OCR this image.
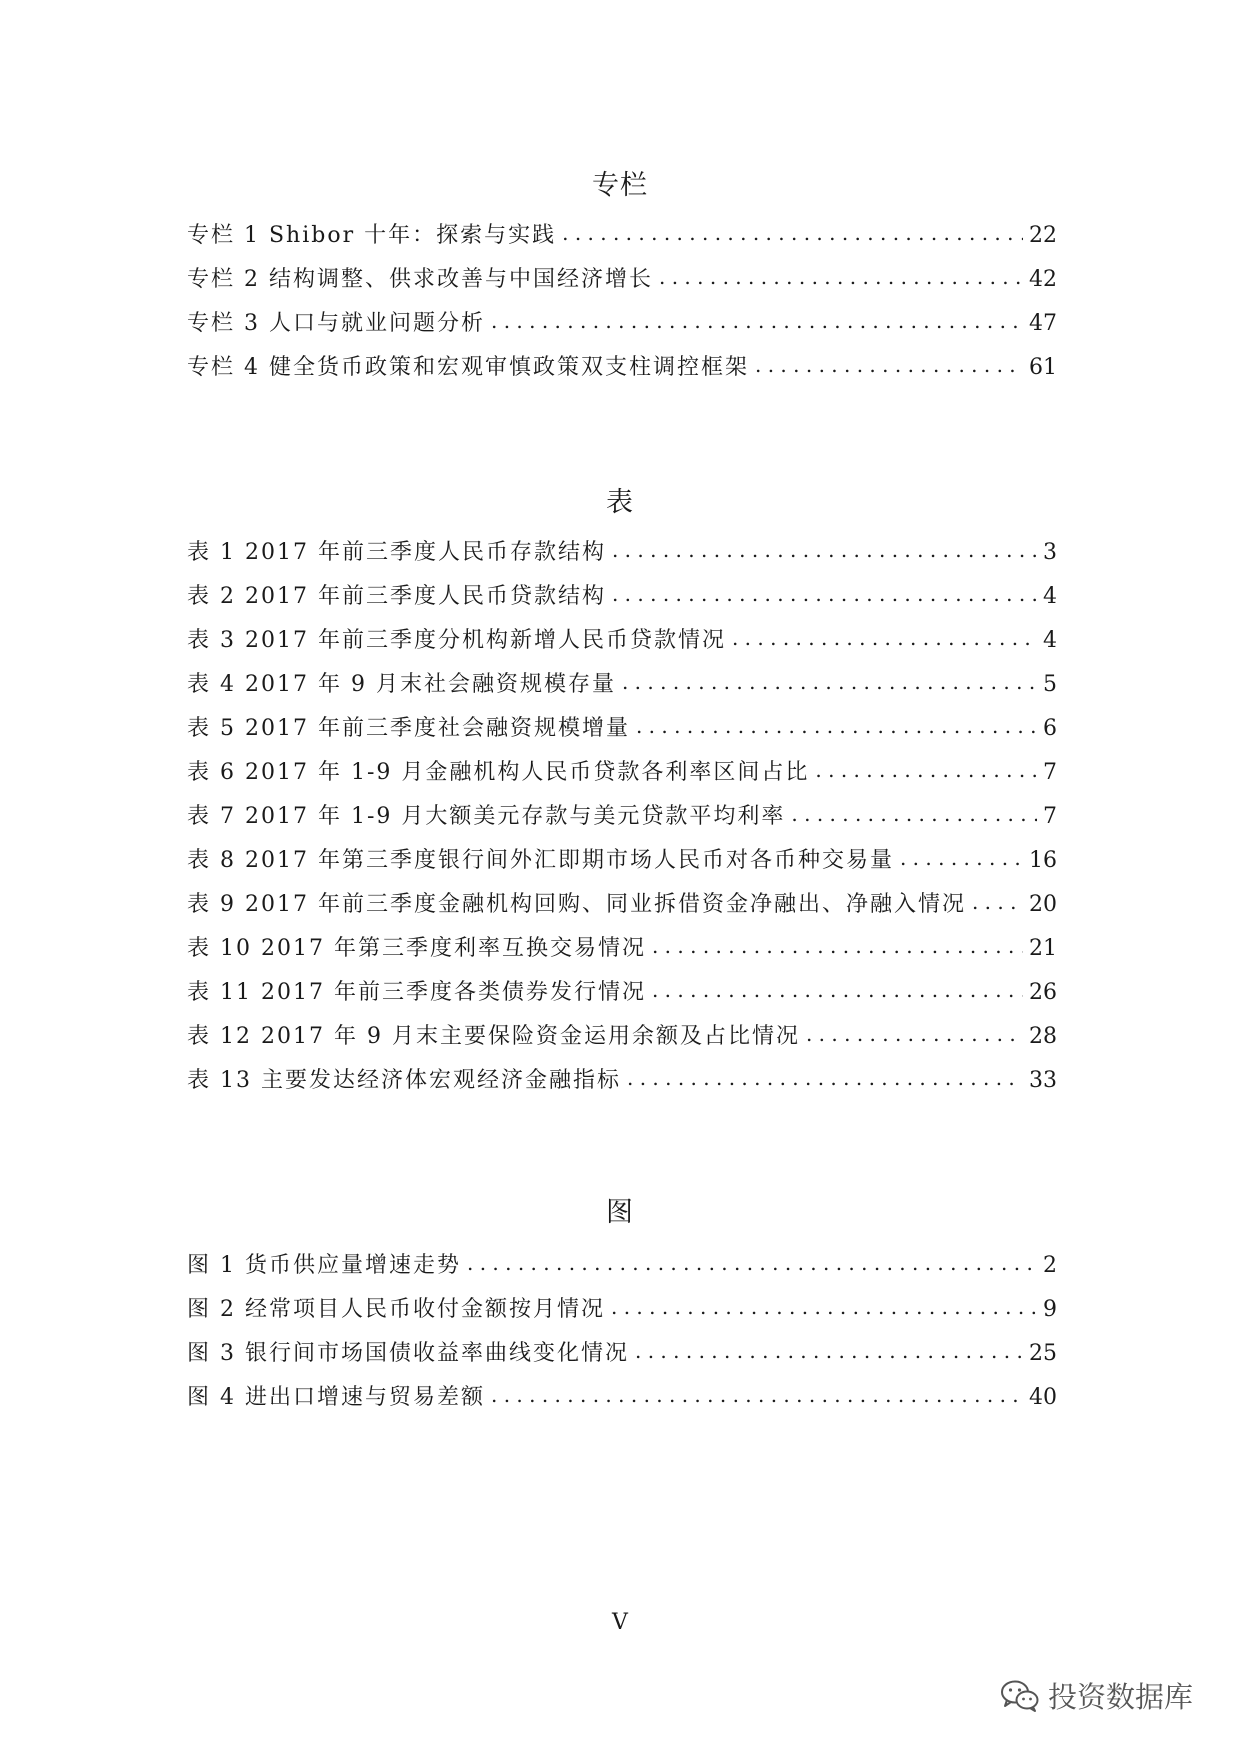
专栏
专栏 1 Shibor 十年：探索与实践 . . .	22
专栏 2 结构调整、供求改善与中国经济增长 . . .	42
专栏 3 人口与就业问题分析 . . .	47
专栏 4 健全货币政策和宏观审慎政策双支柱调控框架 . . .	61
表
表 1 2017 年前三季度人民币存款结构 . . .	3
表 2 2017 年前三季度人民币贷款结构 . . .	4
表 3 2017 年前三季度分机构新增人民币贷款情况 . . .	4
表 4 2017 年 9 月末社会融资规模存量 . . .	5
表 5 2017 年前三季度社会融资规模增量 . . .	6
表 6 2017 年 1-9 月金融机构人民币贷款各利率区间占比 . . .	7
表 7 2017 年 1-9 月大额美元存款与美元贷款平均利率 . . .	7
表 8 2017 年第三季度银行间外汇即期市场人民币对各币种交易量 . . .	16
表 9 2017 年前三季度金融机构回购、同业拆借资金净融出、净融入情况 . . .	20
表 10 2017 年第三季度利率互换交易情况 . . .	21
表 11 2017 年前三季度各类债券发行情况 . . .	26
表 12 2017 年 9 月末主要保险资金运用余额及占比情况 . . .	28
表 13 主要发达经济体宏观经济金融指标 . . .	33
图
图 1 货币供应量增速走势 . . .	2
图 2 经常项目人民币收付金额按月情况 . . .	9
图 3 银行间市场国债收益率曲线变化情况 . . .	25
图 4 进出口增速与贸易差额 . . .	40
V
投资数据库
